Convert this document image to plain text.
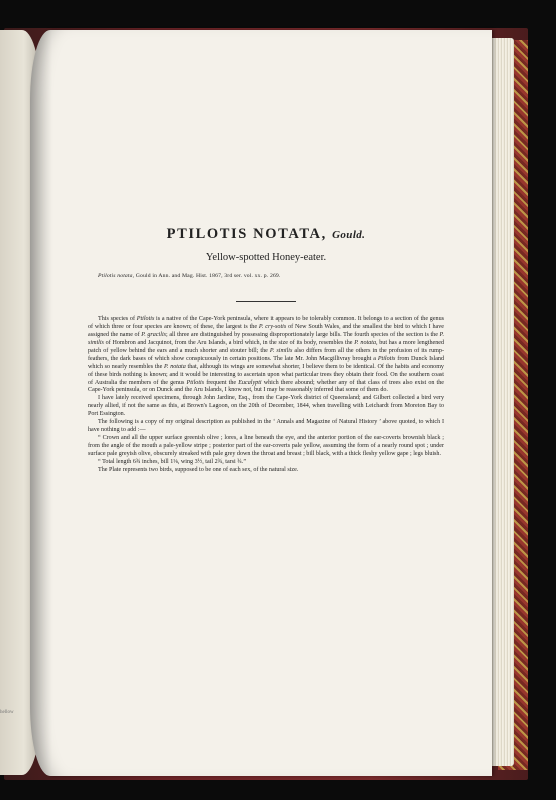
hellow
PTILOTIS NOTATA, Gould.
Yellow-spotted Honey-eater.
Ptilotis notata, Gould in Ann. and Mag. Hist. 1867, 3rd ser. vol. xx. p. 269.

This species of Ptilotis is a native of the Cape-York peninsula, where it appears to be tolerably common. It belongs to a section of the genus of which three or four species are known; of these, the largest is the P. cry-sotis of New South Wales, and the smallest the bird to which I have assigned the name of P. gracilis; all three are distinguished by possessing disproportionately large bills. The fourth species of the section is the P. similis of Hombron and Jacquinot, from the Aru Islands, a bird which, in the size of its body, resembles the P. notata, but has a more lengthened patch of yellow behind the ears and a much shorter and stouter bill; the P. similis also differs from all the others in the profusion of its rump-feathers, the dark bases of which show conspicuously in certain positions. The late Mr. John Macgillivray brought a Ptilotis from Dunck Island which so nearly resembles the P. notata that, although its wings are somewhat shorter, I believe them to be identical. Of the habits and economy of these birds nothing is known; and it would be interesting to ascertain upon what particular trees they obtain their food. On the southern coast of Australia the members of the genus Ptilotis frequent the Eucalypti which there abound; whether any of that class of trees also exist on the Cape-York peninsula, or on Dunck and the Aru Islands, I know not, but I may be reasonably inferred that some of them do.

I have lately received specimens, through John Jardine, Esq., from the Cape-York district of Queensland; and Gilbert collected a bird very nearly allied, if not the same as this, at Brown's Lagoon, on the 20th of December, 1844, when travelling with Leichardt from Moreton Bay to Port Essington.

The following is a copy of my original description as published in the ‘ Annals and Magazine of Natural History ’ above quoted, to which I have nothing to add :—

“ Crown and all the upper surface greenish olive ; lores, a line beneath the eye, and the anterior portion of the ear-coverts brownish black ; from the angle of the mouth a pale-yellow stripe ; posterior part of the ear-coverts pale yellow, assuming the form of a nearly round spot ; under surface pale greyish olive, obscurely streaked with pale grey down the throat and breast ; bill black, with a thick fleshy yellow gape ; legs bluish.

“ Total length 6¾ inches, bill 1⅛, wing 3½, tail 2¾, tarsi ¾.”

The Plate represents two birds, supposed to be one of each sex, of the natural size.
